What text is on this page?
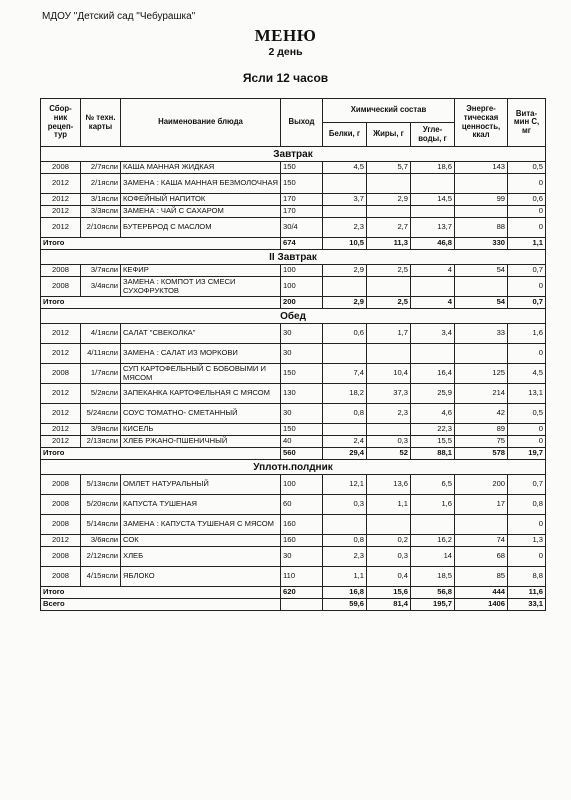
МДОУ "Детский сад "Чебурашка"
МЕНЮ
2 день
Ясли 12 часов
Сбор-ник рецеп-тур	№ техн. карты	Наименование блюда	Выход	Химический состав			Энерге-тическая ценность, ккал	Вита-мин С, мг
				Белки, г	Жиры, г	Угле-воды, г		
Завтрак								
2008	2/7ясли	КАША МАННАЯ ЖИДКАЯ	150	4,5	5,7	18,6	143	0,5
2012	2/1ясли	ЗАМЕНА : КАША МАННАЯ БЕЗМОЛОЧНАЯ	150					0
2012	3/1ясли	КОФЕЙНЫЙ НАПИТОК	170	3,7	2,9	14,5	99	0,6
2012	3/3ясли	ЗАМЕНА : ЧАЙ С САХАРОМ	170					0
2012	2/10ясли	БУТЕРБРОД С МАСЛОМ	30/4	2,3	2,7	13,7	88	0
Итого			674	10,5	11,3	46,8	330	1,1
II Завтрак								
2008	3/7ясли	КЕФИР	100	2,9	2,5	4	54	0,7
2008	3/4ясли	ЗАМЕНА : КОМПОТ ИЗ СМЕСИ СУХОФРУКТОВ	100					0
Итого			200	2,9	2,5	4	54	0,7
Обед								
2012	4/1ясли	САЛАТ "СВЕКОЛКА"	30	0,6	1,7	3,4	33	1,6
2012	4/11ясли	ЗАМЕНА : САЛАТ ИЗ МОРКОВИ	30					0
2008	1/7ясли	СУП КАРТОФЕЛЬНЫЙ С БОБОВЫМИ И МЯСОМ	150	7,4	10,4	16,4	125	4,5
2012	5/2ясли	ЗАПЕКАНКА КАРТОФЕЛЬНАЯ С МЯСОМ	130	18,2	37,3	25,9	214	13,1
2012	5/24ясли	СОУС ТОМАТНО- СМЕТАННЫЙ	30	0,8	2,3	4,6	42	0,5
2012	3/9ясли	КИСЕЛЬ	150			22,3	89	0
2012	2/13ясли	ХЛЕБ РЖАНО-ПШЕНИЧНЫЙ	40	2,4	0,3	15,5	75	0
Итого			560	29,4	52	88,1	578	19,7
Уплотн.полдник								
2008	5/13ясли	ОМЛЕТ НАТУРАЛЬНЫЙ	100	12,1	13,6	6,5	200	0,7
2008	5/20ясли	КАПУСТА ТУШЕНАЯ	60	0,3	1,1	1,6	17	0,8
2008	5/14ясли	ЗАМЕНА : КАПУСТА ТУШЕНАЯ С МЯСОМ	160					0
2012	3/6ясли	СОК	160	0,8	0,2	16,2	74	1,3
2008	2/12ясли	ХЛЕБ	30	2,3	0,3	14	68	0
2008	4/15ясли	ЯБЛОКО	110	1,1	0,4	18,5	85	8,8
Итого			620	16,8	15,6	56,8	444	11,6
Всего				59,6	81,4	195,7	1406	33,1
